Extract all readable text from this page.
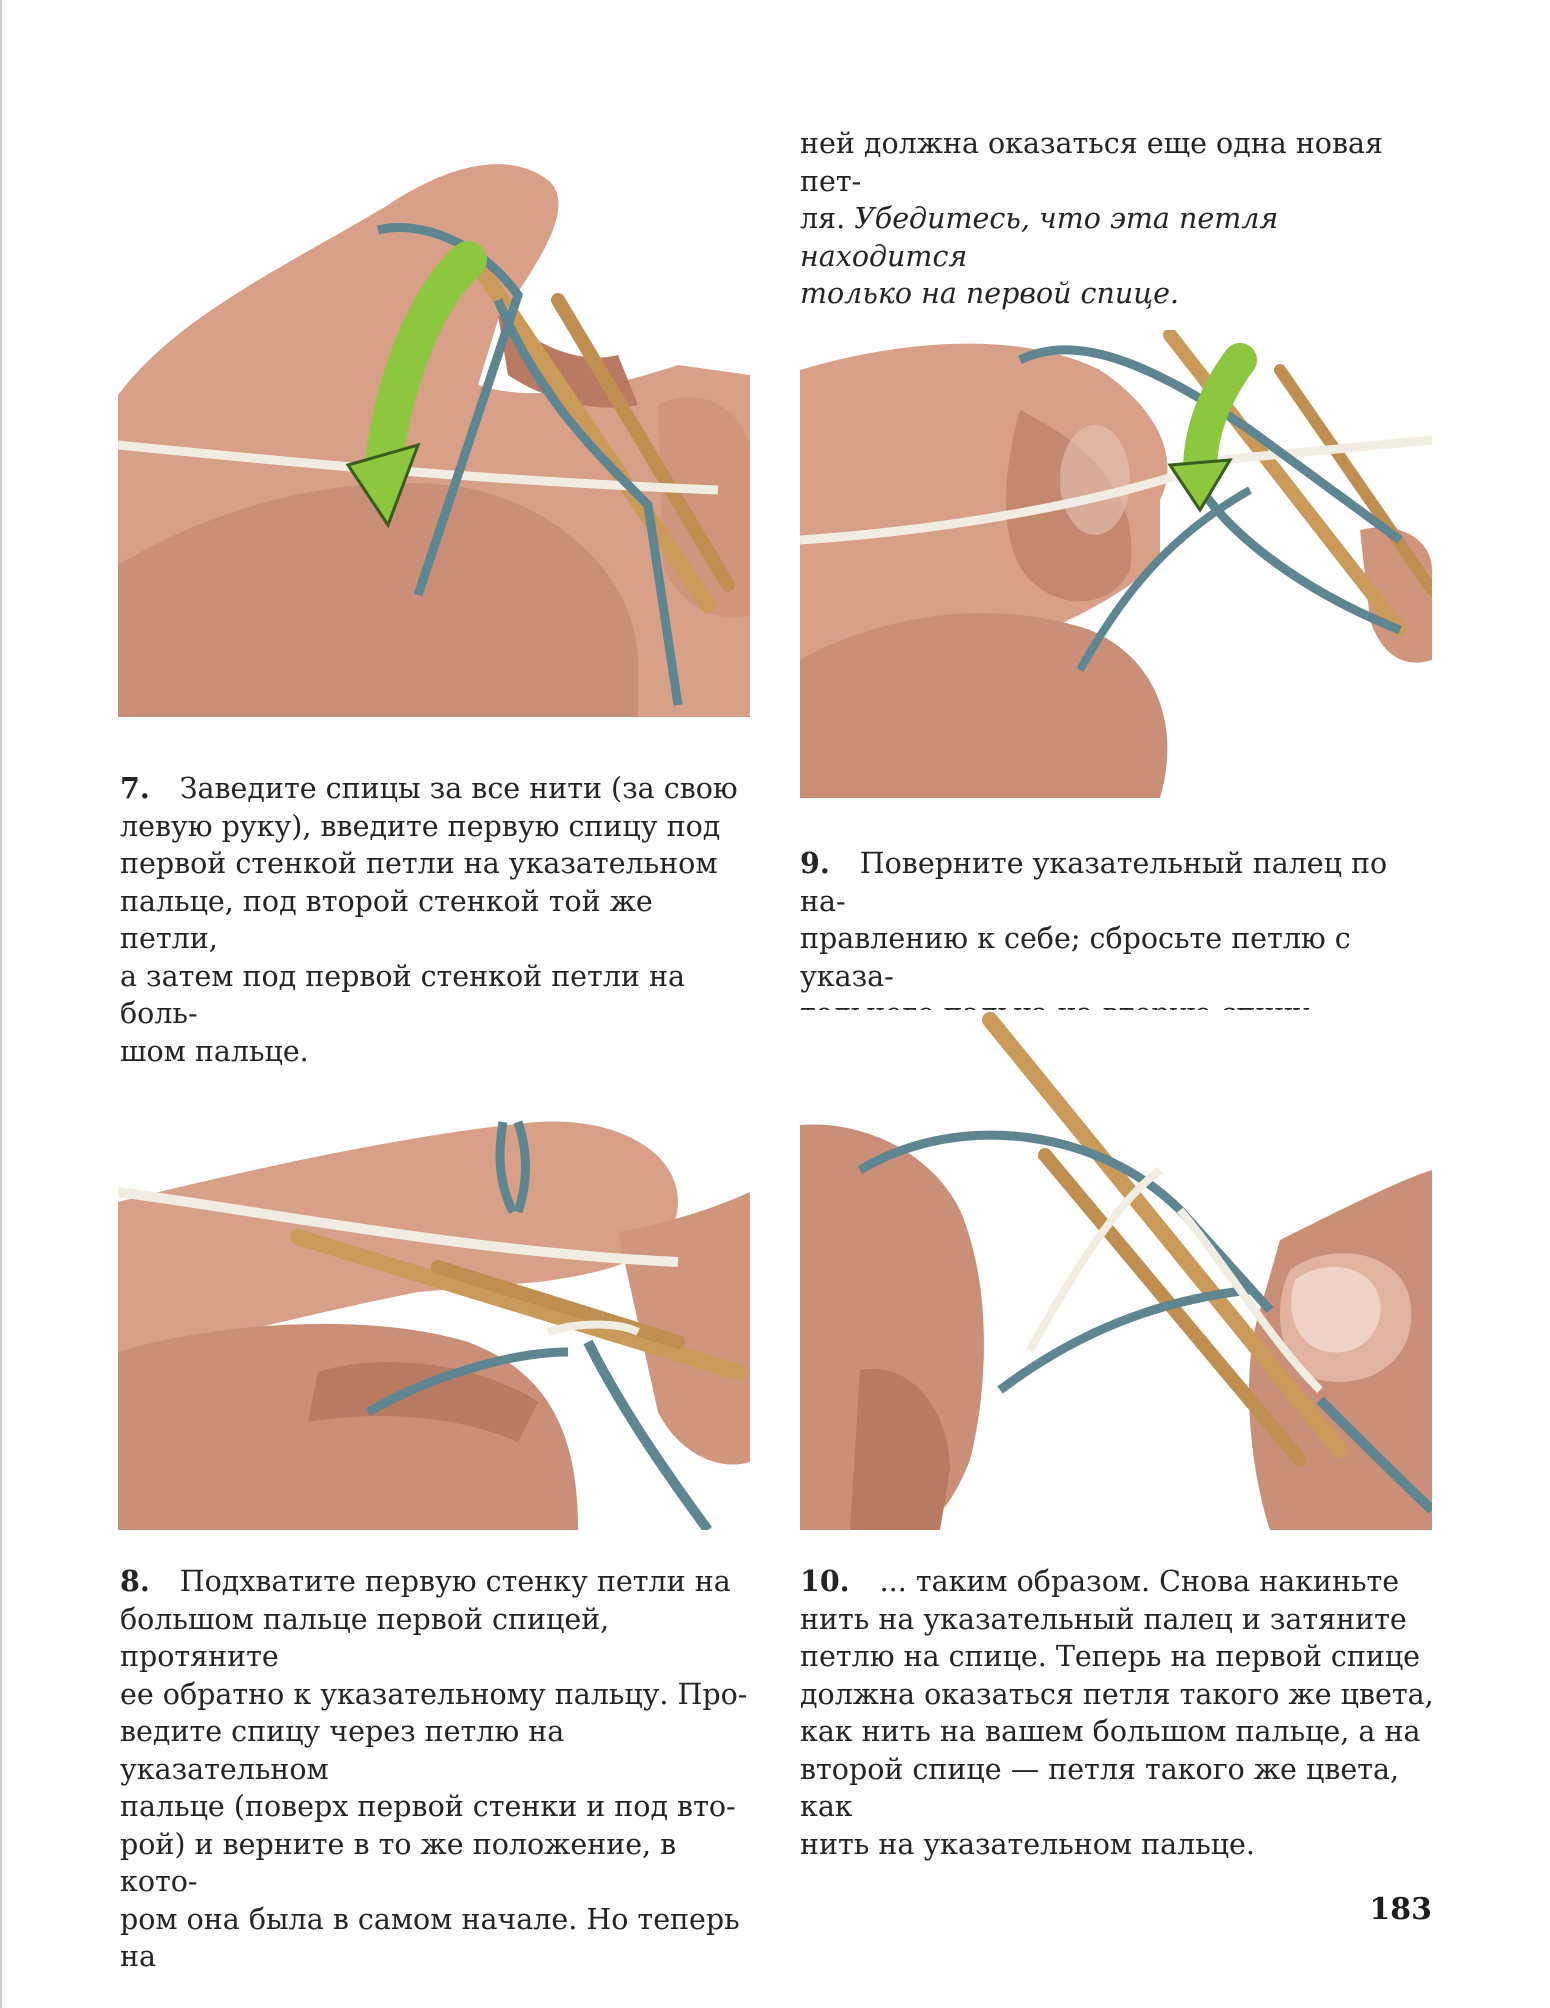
ней должна оказаться еще одна новая пет-

ля. Убедитесь, что эта петля находится

только на первой спице.

7. Заведите спицы за все нити (за свою

левую руку), введите первую спицу под

первой стенкой петли на указательном

пальце, под второй стенкой той же петли,

а затем под первой стенкой петли на боль-

шом пальце.

9. Поверните указательный палец по на-

правлению к себе; сбросьте петлю с указа-

8. Подхватите первую стенку петли на

большом пальце первой спицей, протяните

ее обратно к указательному пальцу. Про-

ведите спицу через петлю на указательном

пальце (поверх первой стенки и под вто-

рой) и верните в то же положение, в кото-

ром она была в самом начале. Но теперь на

10. ... таким образом. Снова накиньте

нить на указательный палец и затяните

петлю на спице. Теперь на первой спице

должна оказаться петля такого же цвета,

как нить на вашем большом пальце, а на

второй спице — петля такого же цвета, как

нить на указательном пальце.

183
